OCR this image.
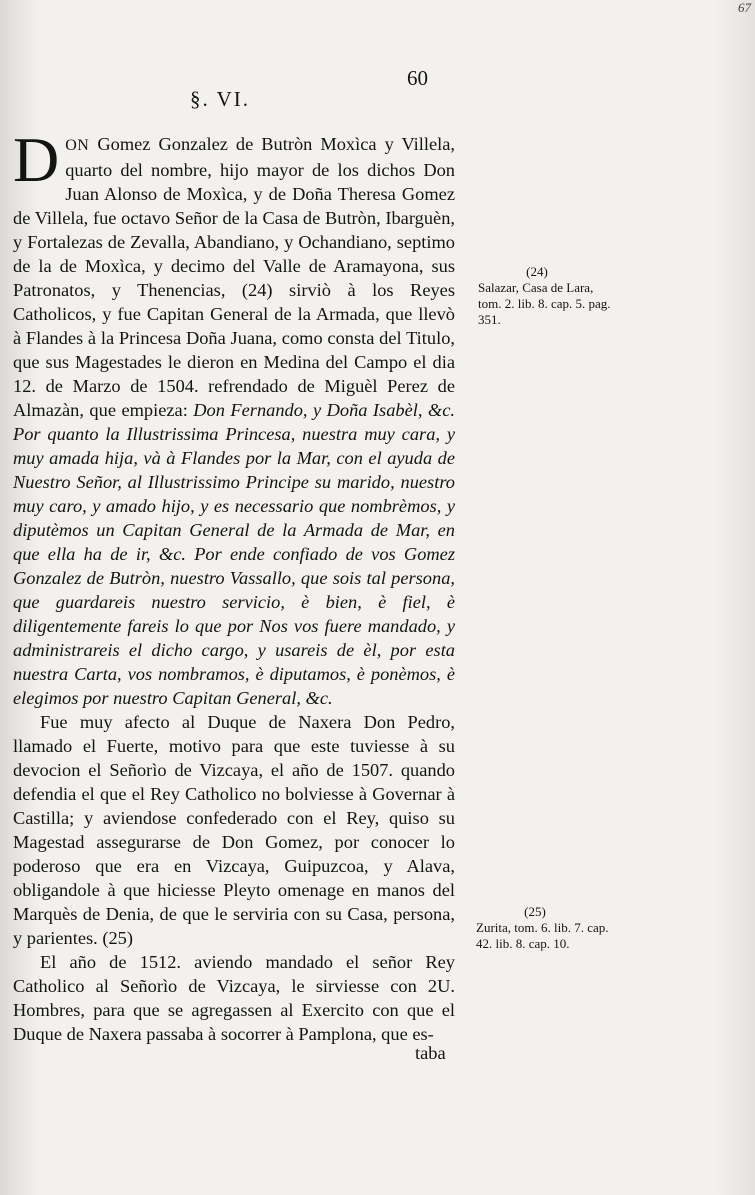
67
60
§. VI.

DON Gomez Gonzalez de Butròn Moxìca y Villela, quarto del nombre, hijo mayor de los dichos Don Juan Alonso de Moxìca, y de Doña Theresa Gomez de Villela, fue octavo Señor de la Casa de Butròn, Ibarguèn, y Fortalezas de Zevalla, Abandiano, y Ochandiano, septimo de la de Moxìca, y decimo del Valle de Aramayona, sus Patronatos, y Thenencias, (24) sirviò à los Reyes Catholicos, y fue Capitan General de la Armada, que llevò à Flandes à la Princesa Doña Juana, como consta del Titulo, que sus Magestades le dieron en Medina del Campo el dia 12. de Marzo de 1504. refrendado de Miguèl Perez de Almazàn, que empieza: Don Fernando, y Doña Isabèl, &c. Por quanto la Illustrissima Princesa, nuestra muy cara, y muy amada hija, và à Flandes por la Mar, con el ayuda de Nuestro Señor, al Illustrissimo Principe su marido, nuestro muy caro, y amado hijo, y es necessario que nombrèmos, y diputèmos un Capitan General de la Armada de Mar, en que ella ha de ir, &c. Por ende confiado de vos Gomez Gonzalez de Butròn, nuestro Vassallo, que sois tal persona, que guardareis nuestro servicio, è bien, è fiel, è diligentemente fareis lo que por Nos vos fuere mandado, y administrareis el dicho cargo, y usareis de èl, por esta nuestra Carta, vos nombramos, è diputamos, è ponèmos, è elegimos por nuestro Capitan General, &c.

Fue muy afecto al Duque de Naxera Don Pedro, llamado el Fuerte, motivo para que este tuviesse à su devocion el Señorìo de Vizcaya, el año de 1507. quando defendia el que el Rey Catholico no bolviesse à Governar à Castilla; y aviendose confederado con el Rey, quiso su Magestad assegurarse de Don Gomez, por conocer lo poderoso que era en Vizcaya, Guipuzcoa, y Alava, obligandole à que hiciesse Pleyto omenage en manos del Marquès de Denia, de que le serviria con su Casa, persona, y parientes. (25)

El año de 1512. aviendo mandado el señor Rey Catholico al Señorìo de Vizcaya, le sirviesse con 2U. Hombres, para que se agregassen al Exercito con que el Duque de Naxera passaba à socorrer à Pamplona, que es-

taba
(24)
Salazar, Casa de Lara, tom. 2. lib. 8. cap. 5. pag. 351.
(25)
Zurita, tom. 6. lib. 7. cap. 42. lib. 8. cap. 10.
